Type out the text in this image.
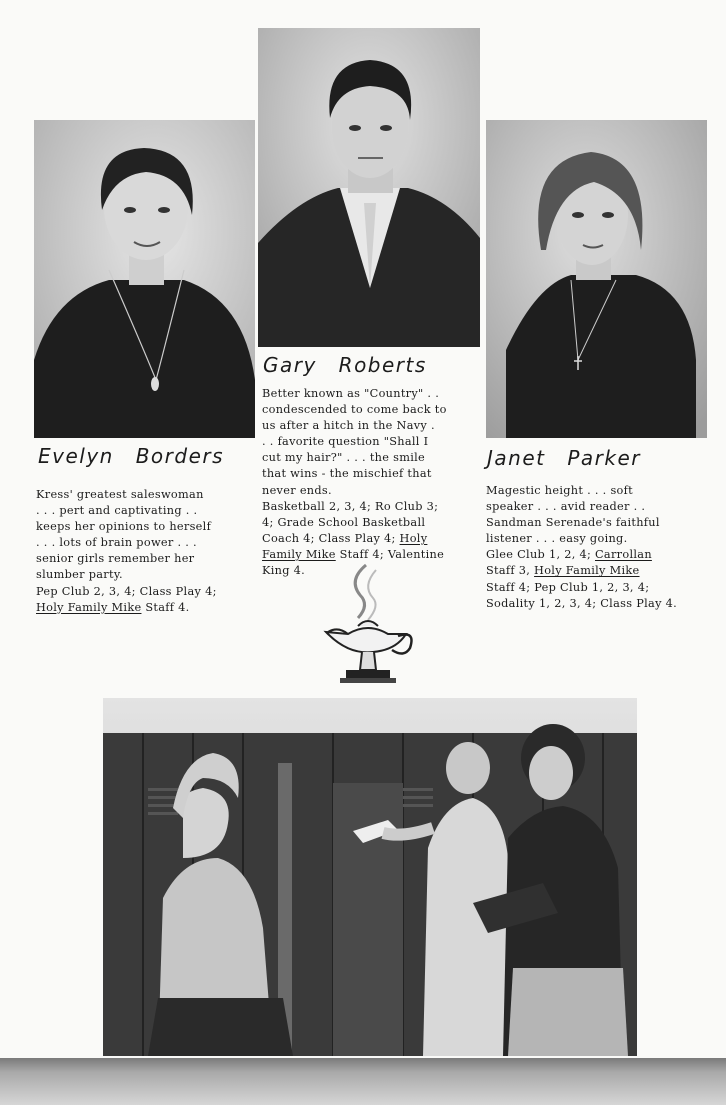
Evelyn Borders
Gary Roberts
Janet Parker

Kress' greatest saleswoman

. . . pert and captivating . .

keeps her opinions to herself

. . . lots of brain power . . .

senior girls remember her

slumber party.

Pep Club 2, 3, 4; Class Play 4;

Holy Family Mike Staff 4.

Better known as "Country" . .

condescended to come back to

us after a hitch in the Navy .

. . favorite question "Shall I

cut my hair?" . . . the smile

that wins - the mischief that

never ends.

Basketball 2, 3, 4; Ro Club 3;

4; Grade School Basketball

Coach 4; Class Play 4; Holy

Family Mike Staff 4; Valentine

King 4.

Magestic height . . . soft

speaker . . . avid reader . .

Sandman Serenade's faithful

listener . . . easy going.

Glee Club 1, 2, 4; Carrollan

Staff 3, Holy Family Mike

Staff 4; Pep Club 1, 2, 3, 4;

Sodality 1, 2, 3, 4; Class Play 4.
